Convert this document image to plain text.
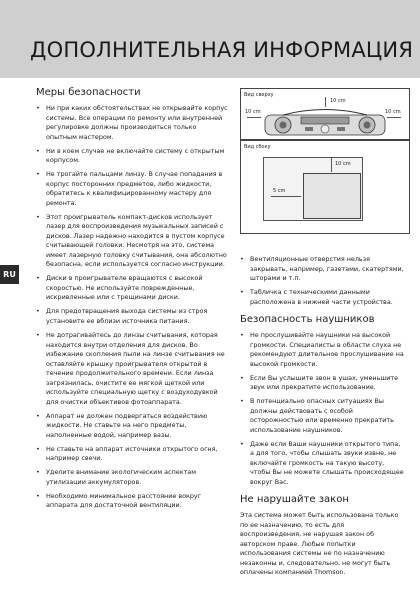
ДОПОЛНИТЕЛЬНАЯ ИНФОРМАЦИЯ
RU
Меры безопасности
• Ни при каких обстоятельствах не открывайте корпус системы. Все операции по ремонту или внутренней регулировке должны производиться только опытным мастером.
• Ни в коем случае не включайте систему с открытым корпусом.
• Не трогайте пальцами линзу. В случае попадания в корпус посторонних предметов, либо жидкости, обратитесь к квалифицированному мастеру для ремонта.
• Этот проигрыватель компакт-дисков использует лазер для воспроизведения музыкальных записей с дисков. Лазер надежно находится в пустом корпусе считывающей головки. Несмотря на это, система имеет лазерную головку считывания, она абсолютно безопасна, если используется согласно инструкции.
• Диски в проигрывателе вращаются с высокой скоростью. Не используйте поврежденные, искривленные или с трещинами диски.
• Для предотвращения выхода системы из строя установите ее вблизи источника питания.
• Не дотрагивайтесь до линзы считывания, которая находится внутри отделения для дисков. Во избежание скопления пыли на линзе считывания не оставляйте крышку проигрывателя открытой в течение продолжительного времени. Если линза загрязнилась, очистите ее мягкой щеткой или используйте специальную щетку с воздуходувкой для очистки объективов фотоаппарата.
• Аппарат не должен подвергаться воздействию жидкости. Не ставьте на него предметы, наполненные водой, например вазы.
• Не ставьте на аппарат источники открытого огня, например свечи.
• Уделите внимание экологическим аспектам утилизации аккумуляторов.
• Необходимо минимальное расстояние вокруг аппарата для достаточной вентиляции.
Вид сверху
10 cm
10 cm	10 cm
Вид сбоку
10 cm
5 cm
• Вентиляционные отверстия нельзя закрывать, например, газетами, скатертями, шторами и т.п.
• Табличка с техническими данными расположена в нижней части устройства.
Безопасность наушников
• Не прослушивайте наушники на высокой громкости. Специалисты в области слуха не рекомендуют длительное прослушивание на высокой громкости.
• Если Вы услышите звон в ушах, уменьшите звук или прекратите использование.
• В потенциально опасных ситуациях Вы должны действовать с особой осторожностью или временно прекратить использование наушников.
• Даже если Ваши наушники открытого типа, а для того, чтобы слышать звуки извне, не включайте громкость на такую высоту, чтобы Вы не можете слышать происходящее вокруг Вас.
Не нарушайте закон

Эта система может быть использована только по ее назначению, то есть для воспроизведения, не нарушая закон об авторском праве. Любые попытки использования системы не по назначению незаконны и, следовательно, не могут быть оплачены компанией Thomson.
